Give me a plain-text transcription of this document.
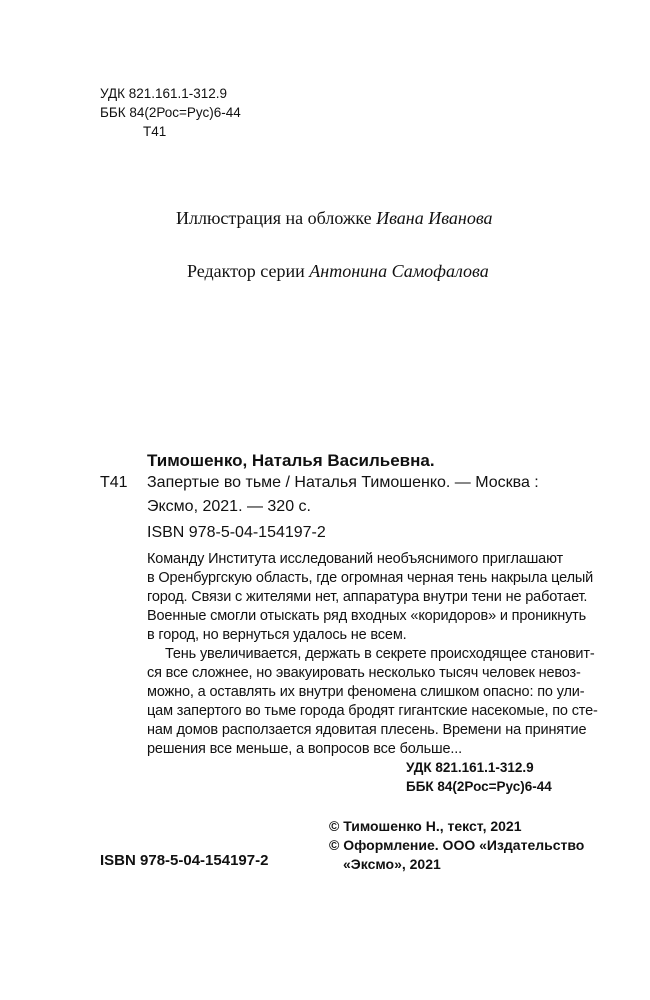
УДК 821.161.1-312.9
ББК 84(2Рос=Рус)6-44
Т41
Иллюстрация на обложке Ивана Иванова
Редактор серии Антонина Самофалова
Тимошенко, Наталья Васильевна.
Т41 Запертые во тьме / Наталья Тимошенко. — Москва :
Эксмо, 2021. — 320 с.
ISBN 978-5-04-154197-2
Команду Института исследований необъяснимого приглашают
в Оренбургскую область, где огромная черная тень накрыла целый
город. Связи с жителями нет, аппаратура внутри тени не работает.
Военные смогли отыскать ряд входных «коридоров» и проникнуть
в город, но вернуться удалось не всем.
Тень увеличивается, держать в секрете происходящее становит-
ся все сложнее, но эвакуировать несколько тысяч человек невоз-
можно, а оставлять их внутри феномена слишком опасно: по ули-
цам запертого во тьме города бродят гигантские насекомые, по сте-
нам домов расползается ядовитая плесень. Времени на принятие
решения все меньше, а вопросов все больше...
УДК 821.161.1-312.9
ББК 84(2Рос=Рус)6-44
ISBN 978-5-04-154197-2
© Тимошенко Н., текст, 2021
© Оформление. ООО «Издательство
«Эксмо», 2021
